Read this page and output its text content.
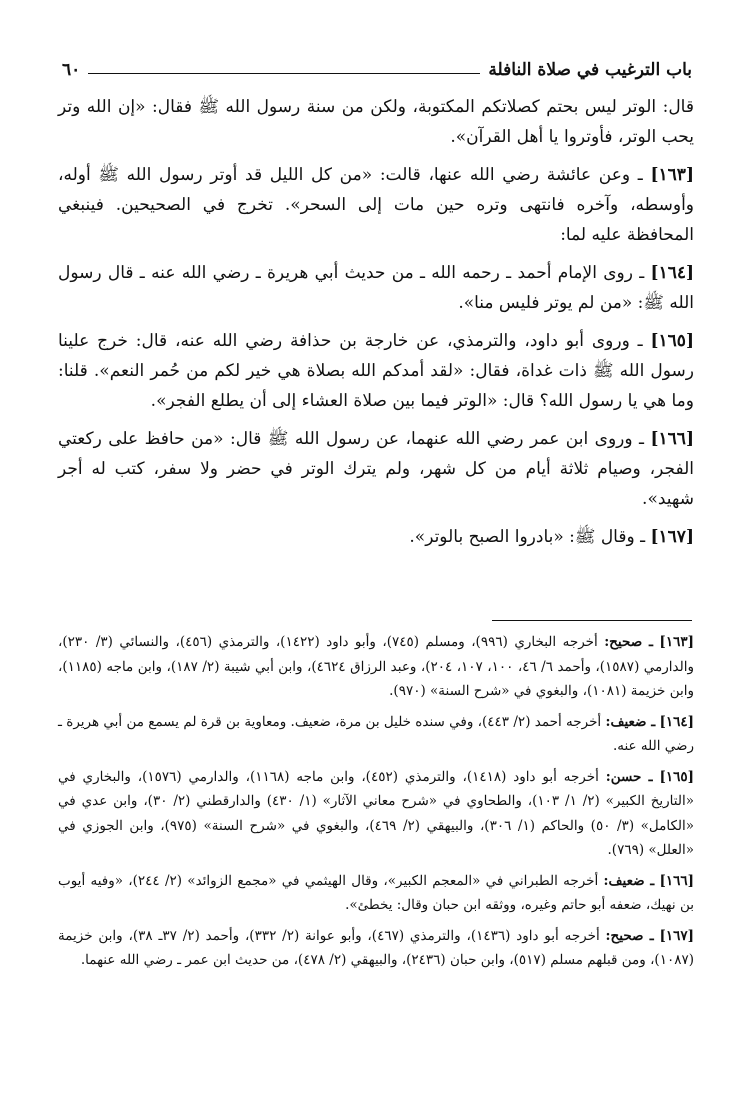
باب الترغيب في صلاة النافلة
٦٠

قال: الوتر ليس بحتم كصلاتكم المكتوبة، ولكن من سنة رسول الله ﷺ فقال: «إن الله وتر يحب الوتر، فأوتروا يا أهل القرآن».

[١٦٣] ـ وعن عائشة رضي الله عنها، قالت: «من كل الليل قد أوتر رسول الله ﷺ أوله، وأوسطه، وآخره فانتهى وتره حين مات إلى السحر». تخرج في الصحيحين. فينبغي المحافظة عليه لما:

[١٦٤] ـ روى الإمام أحمد ـ رحمه الله ـ من حديث أبي هريرة ـ رضي الله عنه ـ قال رسول الله ﷺ: «من لم يوتر فليس منا».

[١٦٥] ـ وروى أبو داود، والترمذي، عن خارجة بن حذافة رضي الله عنه، قال: خرج علينا رسول الله ﷺ ذات غداة، فقال: «لقد أمدكم الله بصلاة هي خير لكم من حُمر النعم». قلنا: وما هي يا رسول الله؟ قال: «الوتر فيما بين صلاة العشاء إلى أن يطلع الفجر».

[١٦٦] ـ وروى ابن عمر رضي الله عنهما، عن رسول الله ﷺ قال: «من حافظ على ركعتي الفجر، وصيام ثلاثة أيام من كل شهر، ولم يترك الوتر في حضر ولا سفر، كتب له أجر شهيد».

[١٦٧] ـ وقال ﷺ: «بادروا الصبح بالوتر».

[١٦٣] ـ صحيح: أخرجه البخاري (٩٩٦)، ومسلم (٧٤٥)، وأبو داود (١٤٢٢)، والترمذي (٤٥٦)، والنسائي (٣/ ٢٣٠)، والدارمي (١٥٨٧)، وأحمد ٦/ ٤٦، ١٠٠، ١٠٧، ٢٠٤)، وعبد الرزاق ٤٦٢٤)، وابن أبي شيبة (٢/ ١٨٧)، وابن ماجه (١١٨٥)، وابن خزيمة (١٠٨١)، والبغوي في «شرح السنة» (٩٧٠).

[١٦٤] ـ ضعيف: أخرجه أحمد (٢/ ٤٤٣)، وفي سنده خليل بن مرة، ضعيف. ومعاوية بن قرة لم يسمع من أبي هريرة ـ رضي الله عنه.

[١٦٥] ـ حسن: أخرجه أبو داود (١٤١٨)، والترمذي (٤٥٢)، وابن ماجه (١١٦٨)، والدارمي (١٥٧٦)، والبخاري في «التاريخ الكبير» (٢/ ١/ ١٠٣)، والطحاوي في «شرح معاني الآثار» (١/ ٤٣٠) والدارقطني (٢/ ٣٠)، وابن عدي في «الكامل» (٣/ ٥٠) والحاكم (١/ ٣٠٦)، والبيهقي (٢/ ٤٦٩)، والبغوي في «شرح السنة» (٩٧٥)، وابن الجوزي في «العلل» (٧٦٩).

[١٦٦] ـ ضعيف: أخرجه الطبراني في «المعجم الكبير»، وقال الهيثمي في «مجمع الزوائد» (٢/ ٢٤٤)، «وفيه أيوب بن نهيك، ضعفه أبو حاتم وغيره، ووثقه ابن حبان وقال: يخطئ».

[١٦٧] ـ صحيح: أخرجه أبو داود (١٤٣٦)، والترمذي (٤٦٧)، وأبو عوانة (٢/ ٣٣٢)، وأحمد (٢/ ٣٧ـ ٣٨)، وابن خزيمة (١٠٨٧)، ومن قبلهم مسلم (٥١٧)، وابن حبان (٢٤٣٦)، والبيهقي (٢/ ٤٧٨)، من حديث ابن عمر ـ رضي الله عنهما.
